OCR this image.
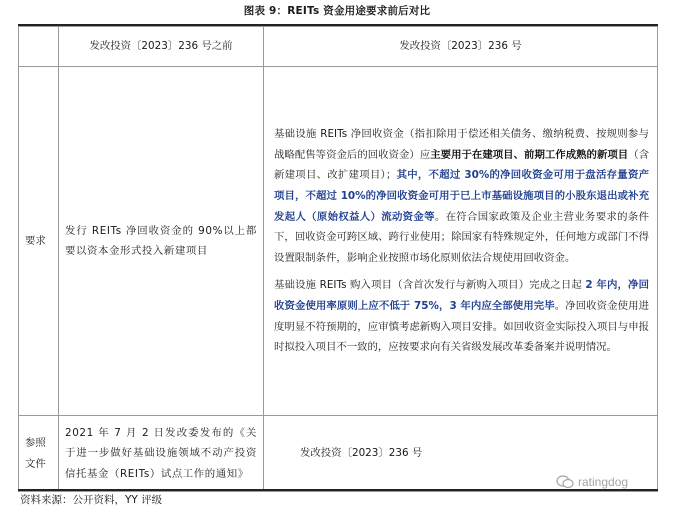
图表 9：REITs 资金用途要求前后对比
	发改投资〔2023〕236 号之前	发改投资〔2023〕236 号
要求	发行 REITs 净回收资金的 90%以上都要以资本金形式投入新建项目	基础设施 REITs 净回收资金（指扣除用于偿还相关债务、缴纳税费、按规则参与战略配售等资金后的回收资金）应主要用于在建项目、前期工作成熟的新项目（含新建项目、改扩建项目）；其中，不超过 30%的净回收资金可用于盘活存量资产项目，不超过 10%的净回收资金可用于已上市基础设施项目的小股东退出或补充发起人（原始权益人）流动资金等。在符合国家政策及企业主营业务要求的条件下，回收资金可跨区域、跨行业使用；除国家有特殊规定外，任何地方或部门不得设置限制条件，影响企业按照市场化原则依法合规使用回收资金。

基础设施 REITs 购入项目（含首次发行与新购入项目）完成之日起 2 年内，净回收资金使用率原则上应不低于 75%，3 年内应全部使用完毕。净回收资金使用进度明显不符预期的，应审慎考虑新购入项目安排。如回收资金实际投入项目与申报时拟投入项目不一致的，应按要求向有关省级发展改革委备案并说明情况。

参照文件	2021 年 7 月 2 日发改委发布的《关于进一步做好基础设施领域不动产投资信托基金（REITs）试点工作的通知》	发改投资〔2023〕236 号
资料来源：公开资料，YY 评级
ratingdog
